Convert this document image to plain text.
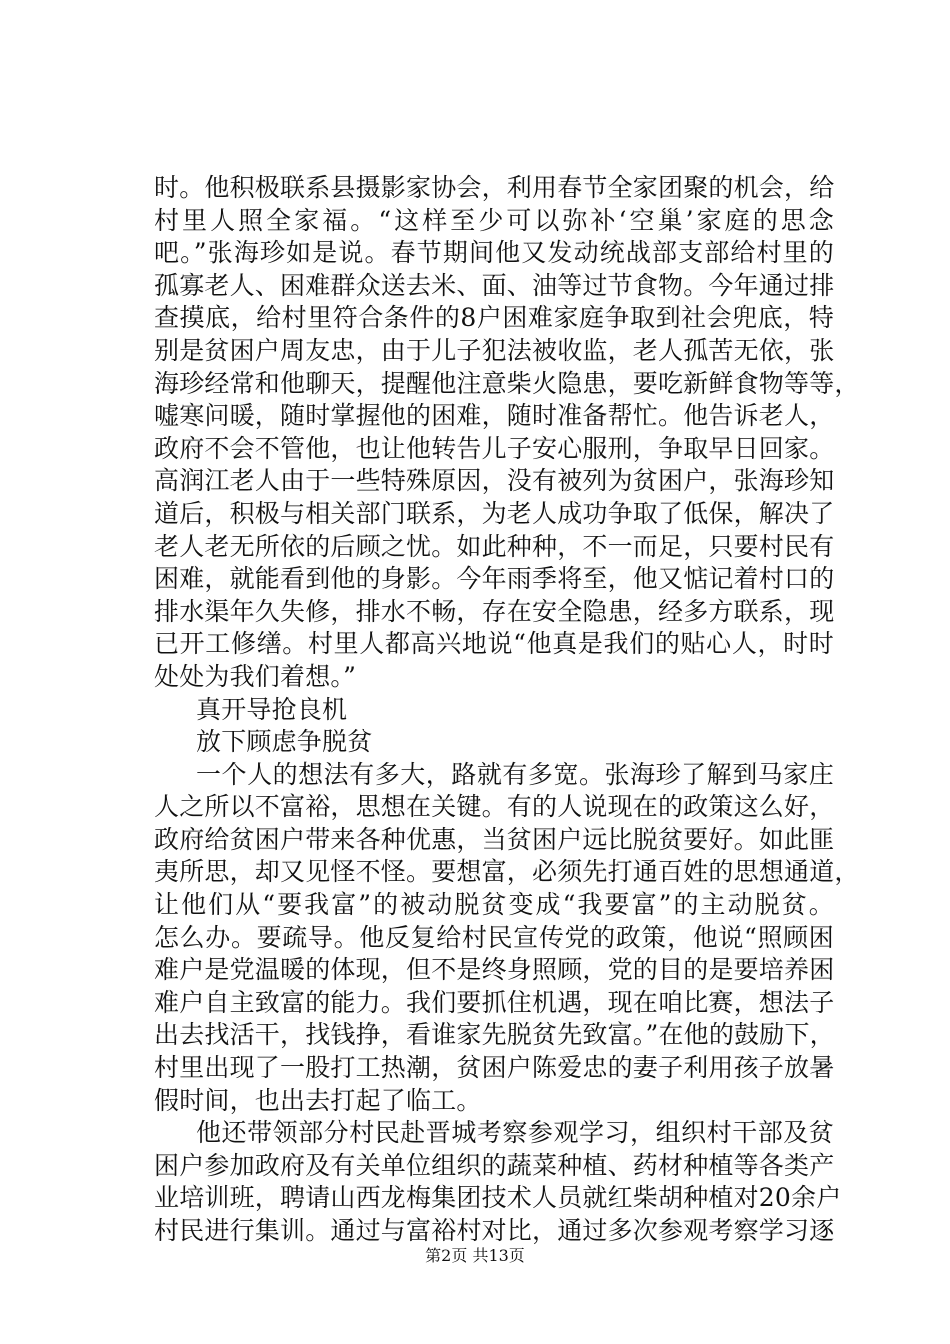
时。他积极联系县摄影家协会，利用春节全家团聚的机会，给
村里人照全家福。“这样至少可以弥补‘空巢’家庭的思念
吧。”张海珍如是说。春节期间他又发动统战部支部给村里的
孤寡老人、困难群众送去米、面、油等过节食物。今年通过排
查摸底，给村里符合条件的8户困难家庭争取到社会兜底，特
别是贫困户周友忠，由于儿子犯法被收监，老人孤苦无依，张
海珍经常和他聊天，提醒他注意柴火隐患，要吃新鲜食物等等，
嘘寒问暖，随时掌握他的困难，随时准备帮忙。他告诉老人，
政府不会不管他，也让他转告儿子安心服刑，争取早日回家。
高润江老人由于一些特殊原因，没有被列为贫困户，张海珍知
道后，积极与相关部门联系，为老人成功争取了低保，解决了
老人老无所依的后顾之忧。如此种种，不一而足，只要村民有
困难，就能看到他的身影。今年雨季将至，他又惦记着村口的
排水渠年久失修，排水不畅，存在安全隐患，经多方联系，现
已开工修缮。村里人都高兴地说“他真是我们的贴心人，时时
处处为我们着想。”
真开导抢良机
放下顾虑争脱贫
一个人的想法有多大，路就有多宽。张海珍了解到马家庄
人之所以不富裕，思想在关键。有的人说现在的政策这么好，
政府给贫困户带来各种优惠，当贫困户远比脱贫要好。如此匪
夷所思，却又见怪不怪。要想富，必须先打通百姓的思想通道，
让他们从“要我富”的被动脱贫变成“我要富”的主动脱贫。
怎么办。要疏导。他反复给村民宣传党的政策，他说“照顾困
难户是党温暖的体现，但不是终身照顾，党的目的是要培养困
难户自主致富的能力。我们要抓住机遇，现在咱比赛，想法子
出去找活干，找钱挣，看谁家先脱贫先致富。”在他的鼓励下，
村里出现了一股打工热潮，贫困户陈爱忠的妻子利用孩子放暑
假时间，也出去打起了临工。
他还带领部分村民赴晋城考察参观学习，组织村干部及贫
困户参加政府及有关单位组织的蔬菜种植、药材种植等各类产
业培训班，聘请山西龙梅集团技术人员就红柴胡种植对20余户
村民进行集训。通过与富裕村对比，通过多次参观考察学习逐
第2页 共13页
